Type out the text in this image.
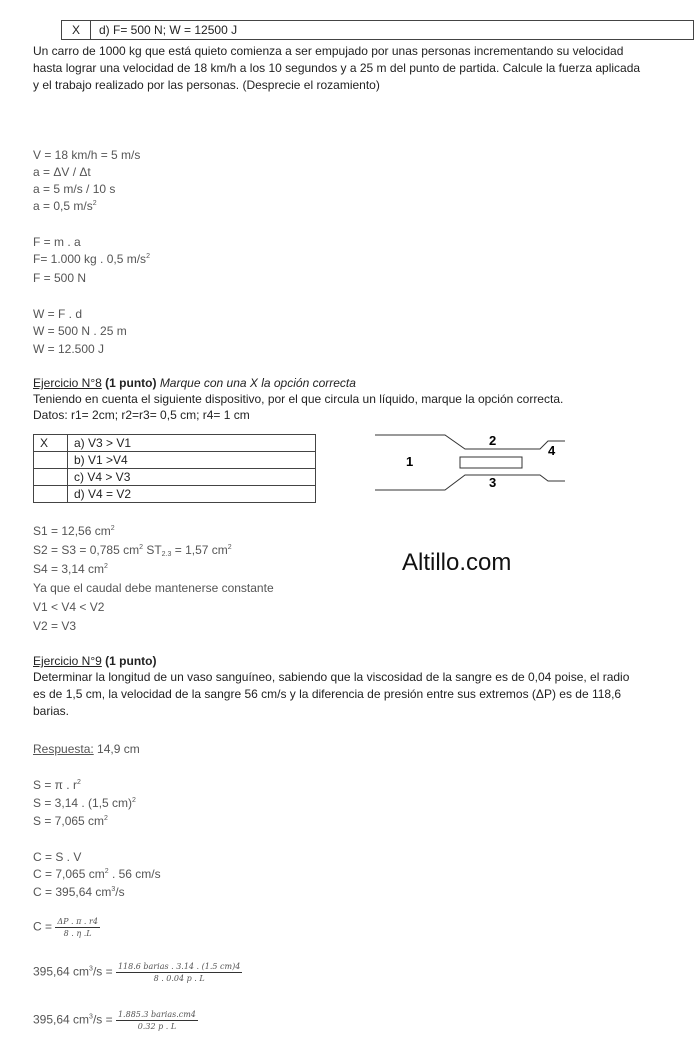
X	d) F= 500 N; W = 12500 J
Un carro de 1000 kg que está quieto comienza a ser empujado por unas personas incrementando su velocidad
hasta lograr una velocidad de 18 km/h a los 10 segundos y a 25 m del punto de partida. Calcule la fuerza aplicada
y el trabajo realizado por las personas. (Desprecie el rozamiento)
V = 18 km/h = 5 m/s
a = ΔV / Δt
a = 5 m/s / 10 s
a = 0,5 $m/s^2$
F = m . a
F= 1.000 kg . 0,5 $m/s^2$
F = 500 N
W = F . d
W = 500 N . 25 m
W = 12.500 J
Ejercicio N°8 (1 punto) Marque con una X la opción correcta
Teniendo en cuenta el siguiente dispositivo, por el que circula un líquido, marque la opción correcta.
Datos: r1= 2cm; r2=r3= 0,5 cm; r4= 1 cm
X	a) V3 > V1
	b) V1 >V4
	c) V4 > V3
	d) V4 = V2
1
2
3
4
S1 = 12,56 $cm^2$
S2 = S3 = 0,785 $cm^2$ $ST_{2.3} = 1,57$ $cm^2$
S4 = 3,14 $cm^2$
Ya que el caudal debe mantenerse constante
V1 < V4 < V2
V2 = V3
Altillo.com
Ejercicio N°9 (1 punto)
Determinar la longitud de un vaso sanguíneo, sabiendo que la viscosidad de la sangre es de 0,04 poise, el radio
es de 1,5 cm, la velocidad de la sangre 56 cm/s y la diferencia de presión entre sus extremos (ΔP) es de 118,6
barias.
Respuesta: 14,9 cm
S = π . $r^2$
S = 3,14 . (1,5 cm)$^2$
S = 7,065 $cm^2$
C = S . V
C = 7,065 $cm^2$ . 56 cm/s
C = 395,64 $cm^3/s$
$C = \frac{\Delta P . \pi . r4}{8 . \eta .L}$
395,64 $cm^3/s = \frac{\text{118.6 barias . 3.14 . (1.5 cm)4}}{8 . 0.04 p . L}$
395,64 $cm^3/s = \frac{\text{1.885.3 barias.cm4}}{0.32 p . L}$
